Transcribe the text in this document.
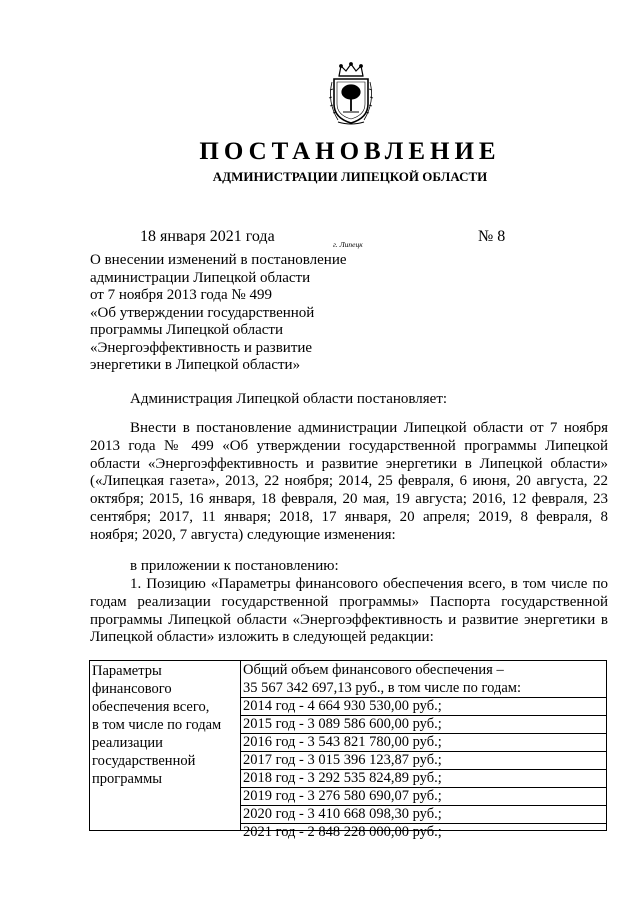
ПОСТАНОВЛЕНИЕ
АДМИНИСТРАЦИИ ЛИПЕЦКОЙ ОБЛАСТИ
18 января 2021 года	г. Липецк	№ 8
О внесении изменений в постановление
администрации Липецкой области
от 7 ноября 2013 года № 499
«Об утверждении государственной
программы Липецкой области
«Энергоэффективность и развитие
энергетики в Липецкой области»
Администрация Липецкой области постановляет:
Внести в постановление администрации Липецкой области от 7 ноября
2013 года № 499 «Об утверждении государственной программы Липецкой
области «Энергоэффективность и развитие энергетики в Липецкой области»
(«Липецкая газета», 2013, 22 ноября; 2014, 25 февраля, 6 июня, 20 августа, 22
октября; 2015, 16 января, 18 февраля, 20 мая, 19 августа; 2016, 12 февраля, 23
сентября; 2017, 11 января; 2018, 17 января, 20 апреля; 2019, 8 февраля, 8
ноября; 2020, 7 августа) следующие изменения:
в приложении к постановлению:
1. Позицию «Параметры финансового обеспечения всего, в том числе по
годам реализации государственной программы» Паспорта государственной
программы Липецкой области «Энергоэффективность и развитие энергетики в
Липецкой области» изложить в следующей редакции:
Параметры
финансового
обеспечения всего,
в том числе по годам
реализации
государственной
программы
Общий объем финансового обеспечения –
35 567 342 697,13 руб., в том числе по годам:
2014 год - 4 664 930 530,00 руб.;
2015 год - 3 089 586 600,00 руб.;
2016 год - 3 543 821 780,00 руб.;
2017 год - 3 015 396 123,87 руб.;
2018 год - 3 292 535 824,89 руб.;
2019 год - 3 276 580 690,07 руб.;
2020 год - 3 410 668 098,30 руб.;
2021 год - 2 848 228 000,00 руб.;
